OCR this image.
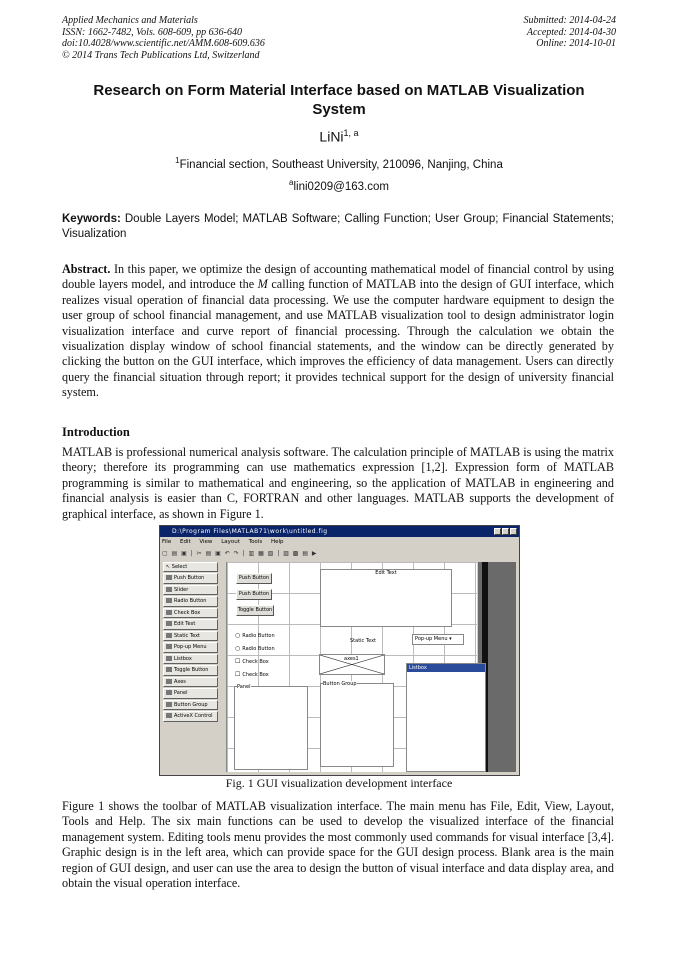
Applied Mechanics and Materials
ISSN: 1662-7482, Vols. 608-609, pp 636-640
doi:10.4028/www.scientific.net/AMM.608-609.636
© 2014 Trans Tech Publications Ltd, Switzerland
Submitted: 2014-04-24
Accepted: 2014-04-30
Online: 2014-10-01
Research on Form Material Interface based on MATLAB Visualization
System
LiNi$^{1, a}$
$^1$Financial section, Southeast University, 210096, Nanjing, China
$^a$lini0209@163.com
Keywords: Double Layers Model; MATLAB Software; Calling Function; User Group; Financial Statements; Visualization
Abstract. In this paper, we optimize the design of accounting mathematical model of financial control by using double layers model, and introduce the M calling function of MATLAB into the design of GUI interface, which realizes visual operation of financial data processing. We use the computer hardware equipment to design the user group of school financial management, and use MATLAB visualization tool to design administrator login visualization interface and curve report of financial processing. Through the calculation we obtain the visualization display window of school financial statements, and the window can be directly generated by clicking the button on the GUI interface, which improves the efficiency of data management. Users can directly query the financial situation through report; it provides technical support for the design of university financial system.
Introduction
MATLAB is professional numerical analysis software. The calculation principle of MATLAB is using the matrix theory; therefore its programming can use mathematics expression [1,2]. Expression form of MATLAB programming is similar to mathematical and engineering, so the application of MATLAB in engineering and financial analysis is easier than C, FORTRAN and other languages. MATLAB supports the development of graphical interface, as shown in Figure 1.
D:\Program Files\MATLAB71\work\untitled.fig
File Edit View Layout Tools Help
▢ ▤ ▣ | ✂ ▤ ▣ ↶ ↷ | ▥ ▦ ▧ | ▨ ▩ ▤ ▶
↖ Select
Push Button
Slider
Radio Button
Check Box
Edit Text
Static Text
Pop-up Menu
Listbox
Toggle Button
Axes
Panel
Button Group
ActiveX Control
Push Button
Push Button
Toggle Button
Edit Text
○ Radio Button
○ Radio Button
☐ Check Box
☐ Check Box
Static Text	Pop-up Menu ▾
axes1
Listbox
Panel	Button Group
Fig. 1 GUI visualization development interface
Figure 1 shows the toolbar of MATLAB visualization interface. The main menu has File, Edit, View, Layout, Tools and Help. The six main functions can be used to develop the visualized interface of the financial management system. Editing tools menu provides the most commonly used commands for visual interface [3,4]. Graphic design is in the left area, which can provide space for the GUI design process. Blank area is the main region of GUI design, and user can use the area to design the button of visual interface and data display area, and obtain the visual operation interface.
